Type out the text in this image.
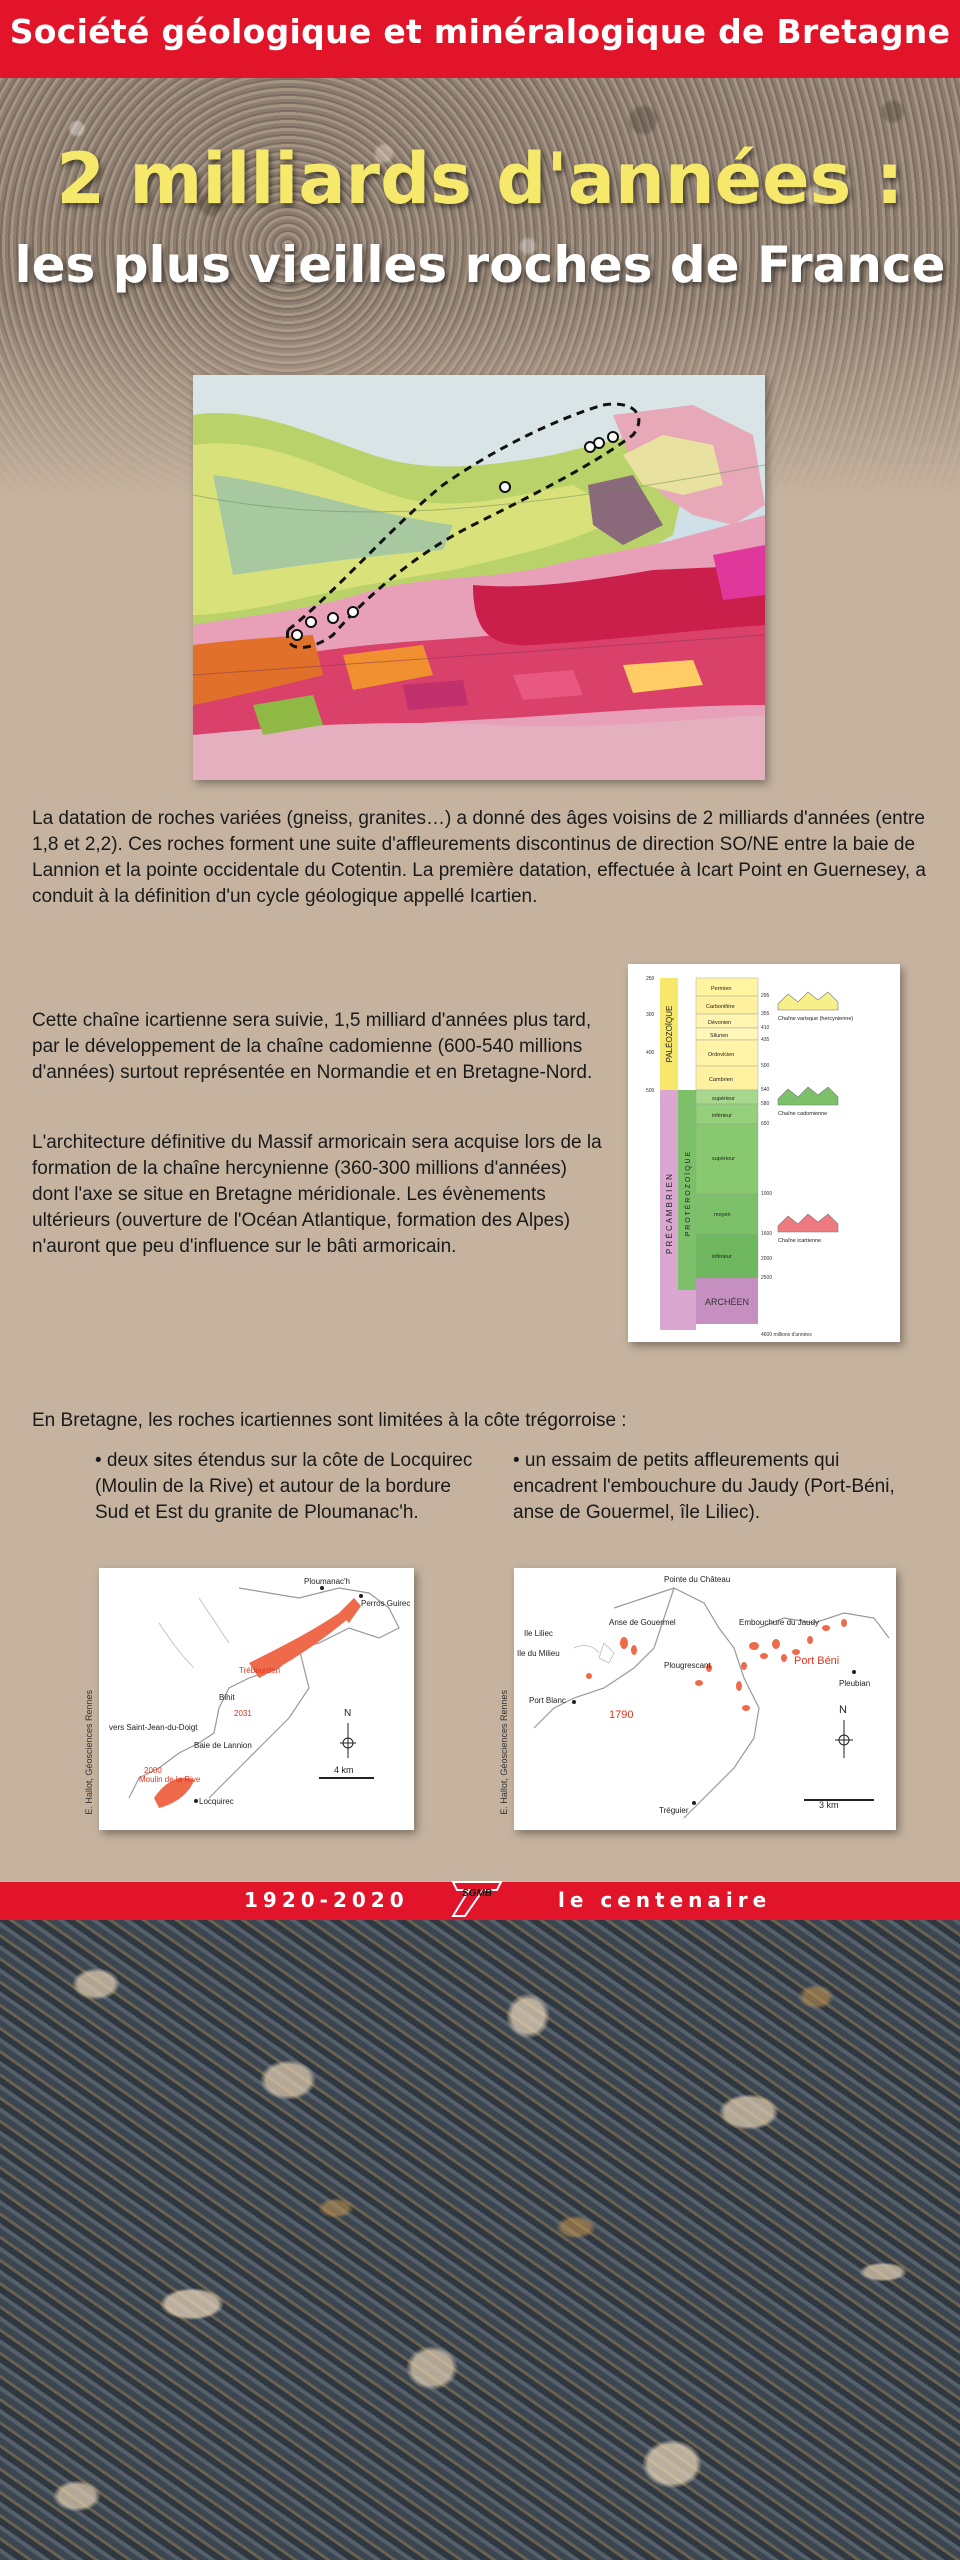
Société géologique et minéralogique de Bretagne
2 milliards d'années :
les plus vieilles roches de France
La datation de roches variées (gneiss, granites…) a donné des âges voisins de 2 milliards d'années (entre 1,8 et 2,2). Ces roches forment une suite d'affleurements discontinus de direction SO/NE entre la baie de Lannion et la pointe occidentale du Cotentin. La première datation, effectuée à Icart Point en Guernesey, a conduit à la définition d'un cycle géologique appellé Icartien.
Cette chaîne icartienne sera suivie, 1,5 milliard d'années plus tard, par le développement de la chaîne cadomienne (600-540 millions d'années) surtout représentée en Normandie et en Bretagne-Nord.
L'architecture définitive du Massif armoricain sera acquise lors de la formation de la chaîne hercynienne (360-300 millions d'années) dont l'axe se situe en Bretagne méridionale. Les évènements ultérieurs (ouverture de l'Océan Atlantique, formation des Alpes) n'auront que peu d'influence sur le bâti armoricain.
Permien
Carbonifère
Dévonien
Silurien
Ordovicien
Cambrien
supérieur
inférieur
supérieur
moyen
inférieur
PALÉOZOÏQUE
P R É C A M B R I E N P R O T É R O Z O Ï Q U E
ARCHÉEN
250
300
400
500
295
355
410
435
500
540
580
650
1000
1600
2000
2500
Chaîne varisque (hercynienne)
Chaîne cadomienne
Chaîne icartienne
formation de la Terre	4600 millions d'années
En Bretagne, les roches icartiennes sont limitées à la côte trégorroise :
• deux sites étendus sur la côte de Locquirec (Moulin de la Rive) et autour de la bordure Sud et Est du granite de Ploumanac'h.
• un essaim de petits affleurements qui encadrent l'embouchure du Jaudy (Port-Béni, anse de Gouermel, île Liliec).
Ploumanac'h
Perros Guirec
Trébeurden
Bihit
2031
vers Saint-Jean-du-Doigt
Baie de Lannion
2000
Moulin de la Rive
Locquirec
N
4 km
E. Hallot, Géosciences Rennes
Pointe du Château
Ile Liliec
Anse de Gouermel
Ile du Milieu
Embouchure du Jaudy
Port Béni
Plougrescant
Pleubian
Port Blanc
1790
Tréguier
N
3 km
E. Hallot, Géosciences Rennes
1920-2020	le centenaire
SGMB
